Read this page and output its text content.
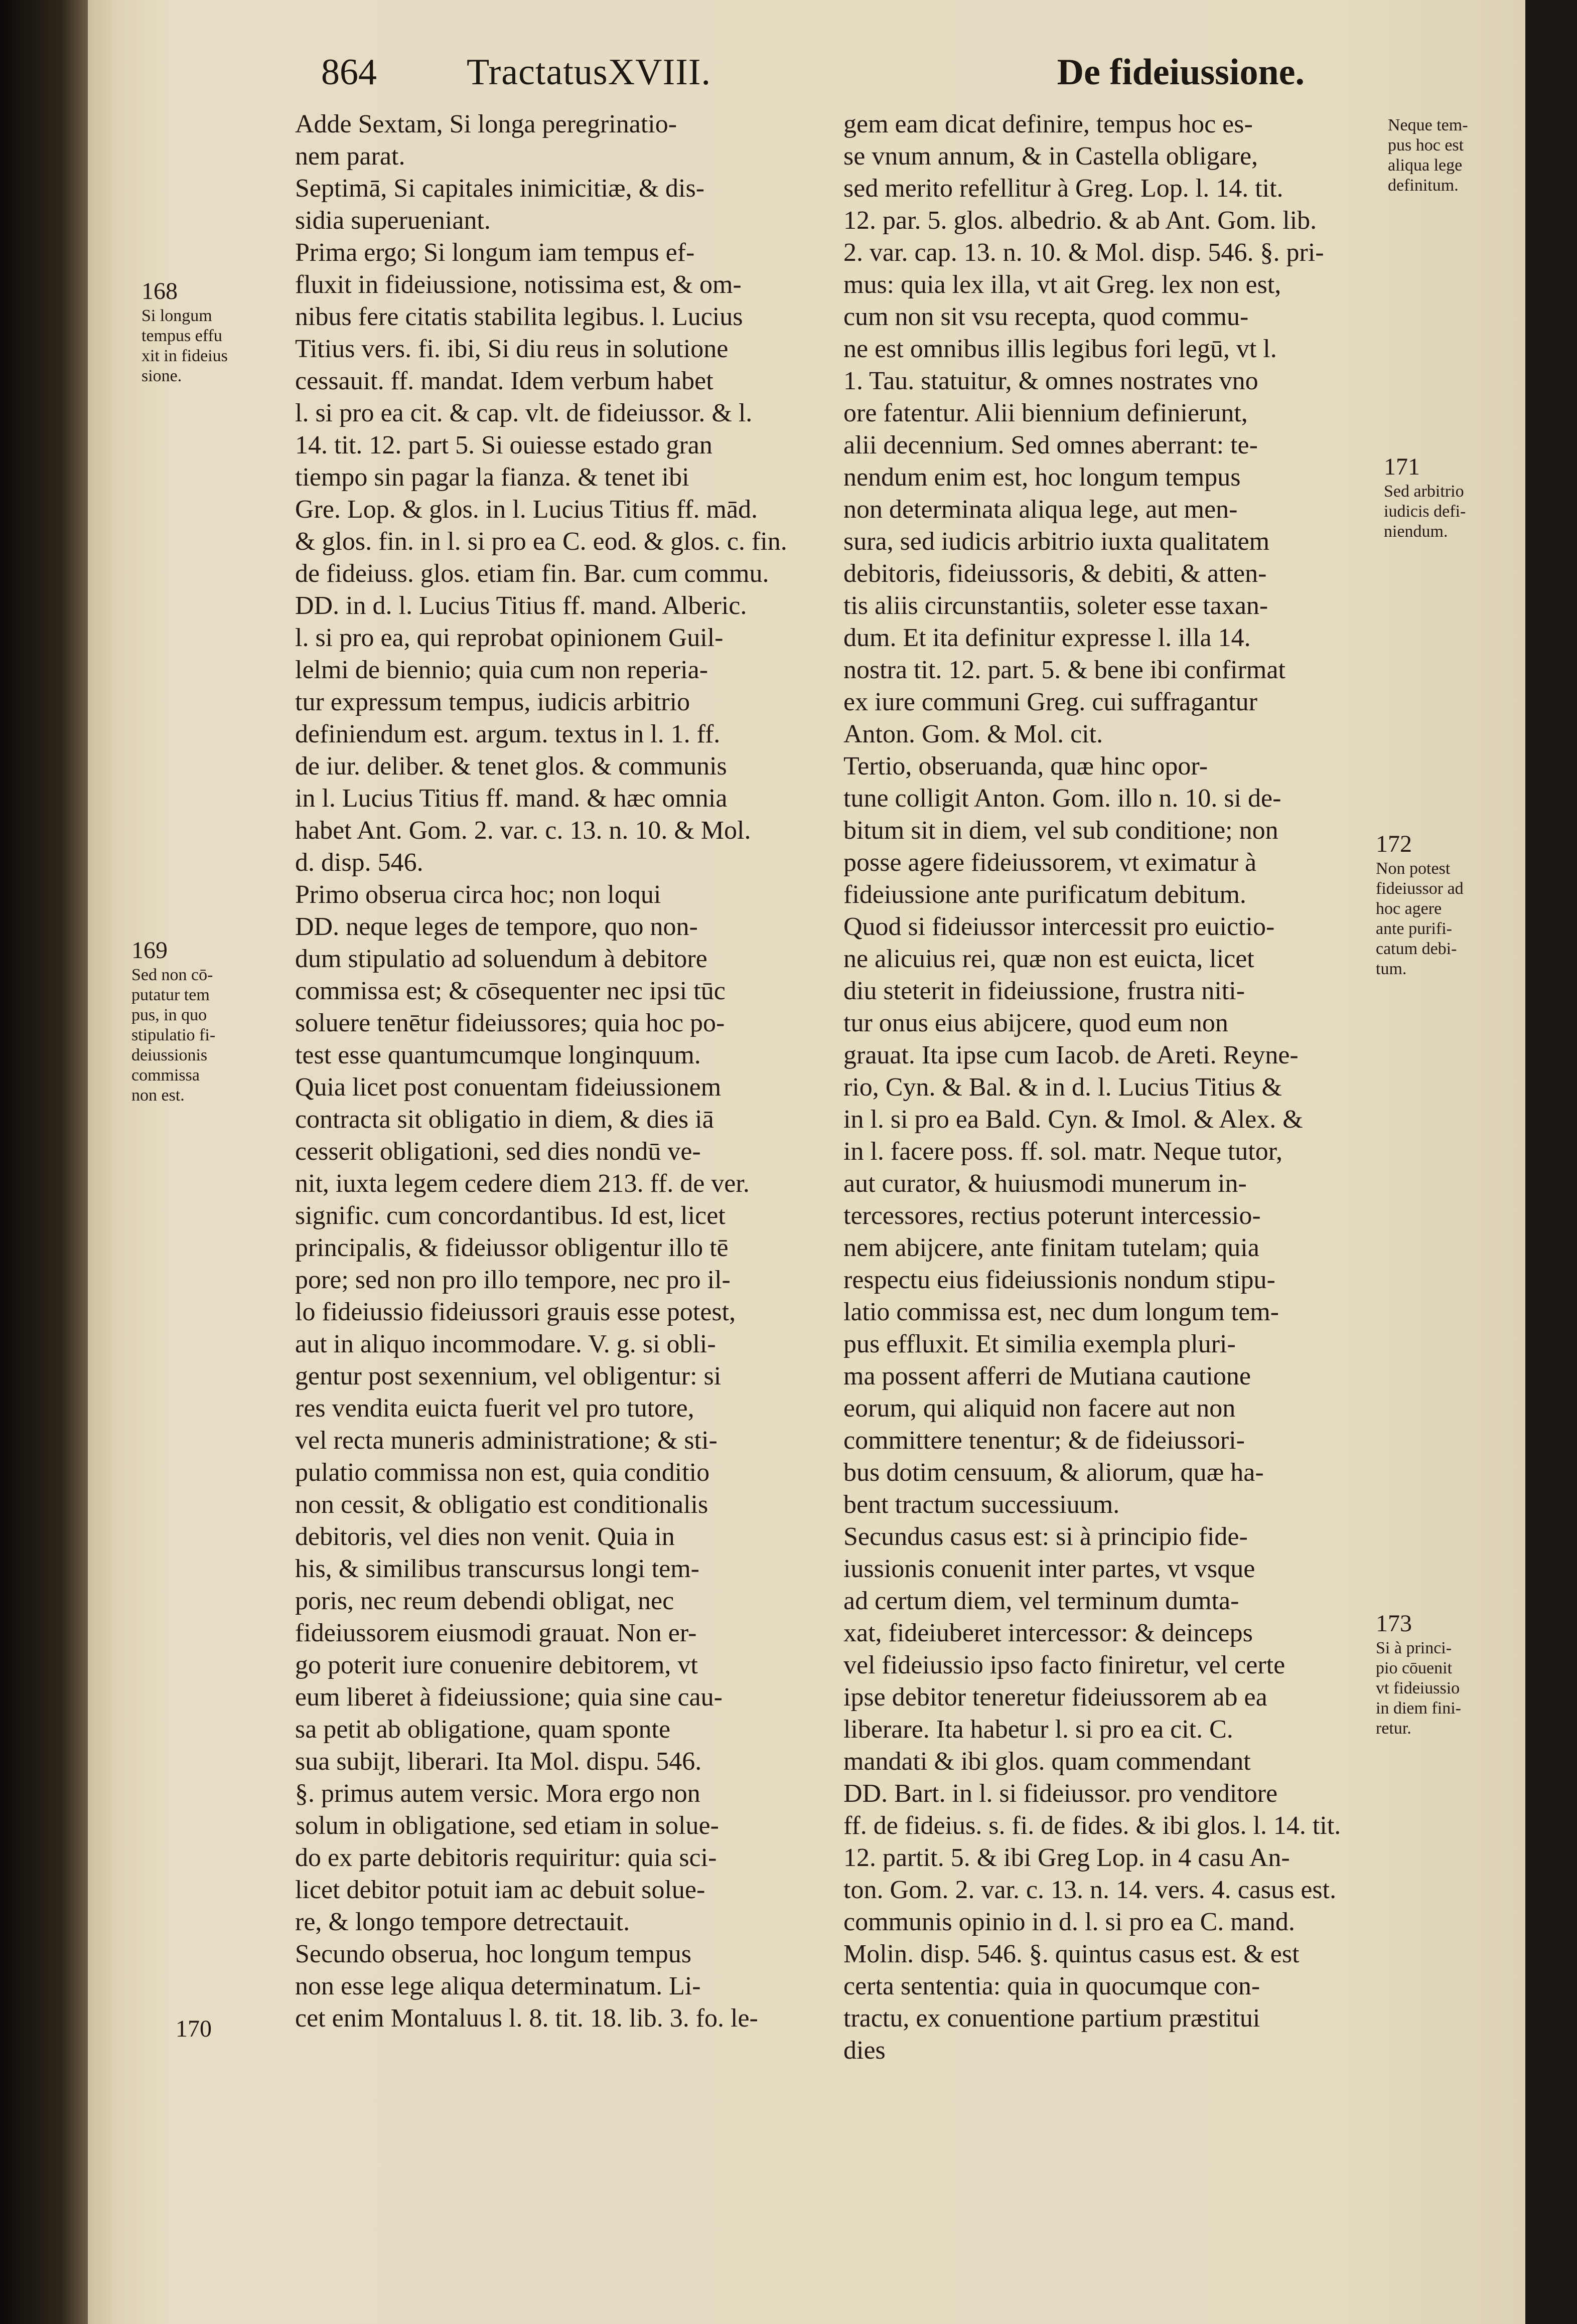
864 TractatusXVIII.	De fideiussione.
Adde Sextam, Si longa peregrinatio-
nem parat.
Septimā, Si capitales inimicitiæ, & dis-
sidia superueniant.
Prima ergo; Si longum iam tempus ef-
fluxit in fideiussione, notissima est, & om-
nibus fere citatis stabilita legibus. l. Lucius
Titius vers. fi. ibi, Si diu reus in solutione
cessauit. ff. mandat. Idem verbum habet
l. si pro ea cit. & cap. vlt. de fideiussor. & l.
14. tit. 12. part 5. Si ouiesse estado gran
tiempo sin pagar la fianza. & tenet ibi
Gre. Lop. & glos. in l. Lucius Titius ff. mād.
& glos. fin. in l. si pro ea C. eod. & glos. c. fin.
de fideiuss. glos. etiam fin. Bar. cum commu.
DD. in d. l. Lucius Titius ff. mand. Alberic.
l. si pro ea, qui reprobat opinionem Guil-
lelmi de biennio; quia cum non reperia-
tur expressum tempus, iudicis arbitrio
definiendum est. argum. textus in l. 1. ff.
de iur. deliber. & tenet glos. & communis
in l. Lucius Titius ff. mand. & hæc omnia
habet Ant. Gom. 2. var. c. 13. n. 10. & Mol.
d. disp. 546.
Primo obserua circa hoc; non loqui
DD. neque leges de tempore, quo non-
dum stipulatio ad soluendum à debitore
commissa est; & cōsequenter nec ipsi tūc
soluere tenētur fideiussores; quia hoc po-
test esse quantumcumque longinquum.
Quia licet post conuentam fideiussionem
contracta sit obligatio in diem, & dies iā
cesserit obligationi, sed dies nondū ve-
nit, iuxta legem cedere diem 213. ff. de ver.
signific. cum concordantibus. Id est, licet
principalis, & fideiussor obligentur illo tē
pore; sed non pro illo tempore, nec pro il-
lo fideiussio fideiussori grauis esse potest,
aut in aliquo incommodare. V. g. si obli-
gentur post sexennium, vel obligentur: si
res vendita euicta fuerit vel pro tutore,
vel recta muneris administratione; & sti-
pulatio commissa non est, quia conditio
non cessit, & obligatio est conditionalis
debitoris, vel dies non venit. Quia in
his, & similibus transcursus longi tem-
poris, nec reum debendi obligat, nec
fideiussorem eiusmodi grauat. Non er-
go poterit iure conuenire debitorem, vt
eum liberet à fideiussione; quia sine cau-
sa petit ab obligatione, quam sponte
sua subijt, liberari. Ita Mol. dispu. 546.
§. primus autem versic. Mora ergo non
solum in obligatione, sed etiam in solue-
do ex parte debitoris requiritur: quia sci-
licet debitor potuit iam ac debuit solue-
re, & longo tempore detrectauit.
Secundo obserua, hoc longum tempus
non esse lege aliqua determinatum. Li-
cet enim Montaluus l. 8. tit. 18. lib. 3. fo. le-
gem eam dicat definire, tempus hoc es-
se vnum annum, & in Castella obligare,
sed merito refellitur à Greg. Lop. l. 14. tit.
12. par. 5. glos. albedrio. & ab Ant. Gom. lib.
2. var. cap. 13. n. 10. & Mol. disp. 546. §. pri-
mus: quia lex illa, vt ait Greg. lex non est,
cum non sit vsu recepta, quod commu-
ne est omnibus illis legibus fori legū, vt l.
1. Tau. statuitur, & omnes nostrates vno
ore fatentur. Alii biennium definierunt,
alii decennium. Sed omnes aberrant: te-
nendum enim est, hoc longum tempus
non determinata aliqua lege, aut men-
sura, sed iudicis arbitrio iuxta qualitatem
debitoris, fideiussoris, & debiti, & atten-
tis aliis circunstantiis, soleter esse taxan-
dum. Et ita definitur expresse l. illa 14.
nostra tit. 12. part. 5. & bene ibi confirmat
ex iure communi Greg. cui suffragantur
Anton. Gom. & Mol. cit.
Tertio, obseruanda, quæ hinc opor-
tune colligit Anton. Gom. illo n. 10. si de-
bitum sit in diem, vel sub conditione; non
posse agere fideiussorem, vt eximatur à
fideiussione ante purificatum debitum.
Quod si fideiussor intercessit pro euictio-
ne alicuius rei, quæ non est euicta, licet
diu steterit in fideiussione, frustra niti-
tur onus eius abijcere, quod eum non
grauat. Ita ipse cum Iacob. de Areti. Reyne-
rio, Cyn. & Bal. & in d. l. Lucius Titius &
in l. si pro ea Bald. Cyn. & Imol. & Alex. &
in l. facere poss. ff. sol. matr. Neque tutor,
aut curator, & huiusmodi munerum in-
tercessores, rectius poterunt intercessio-
nem abijcere, ante finitam tutelam; quia
respectu eius fideiussionis nondum stipu-
latio commissa est, nec dum longum tem-
pus effluxit. Et similia exempla pluri-
ma possent afferri de Mutiana cautione
eorum, qui aliquid non facere aut non
committere tenentur; & de fideiussori-
bus dotim censuum, & aliorum, quæ ha-
bent tractum successiuum.
Secundus casus est: si à principio fide-
iussionis conuenit inter partes, vt vsque
ad certum diem, vel terminum dumta-
xat, fideiuberet intercessor: & deinceps
vel fideiussio ipso facto finiretur, vel certe
ipse debitor teneretur fideiussorem ab ea
liberare. Ita habetur l. si pro ea cit. C.
mandati & ibi glos. quam commendant
DD. Bart. in l. si fideiussor. pro venditore
ff. de fideius. s. fi. de fides. & ibi glos. l. 14. tit.
12. partit. 5. & ibi Greg Lop. in 4 casu An-
ton. Gom. 2. var. c. 13. n. 14. vers. 4. casus est.
communis opinio in d. l. si pro ea C. mand.
Molin. disp. 546. §. quintus casus est. & est
certa sententia: quia in quocumque con-
tractu, ex conuentione partium præstitui
dies
Neque tem-
pus hoc est
aliqua lege
definitum.
168
Si longum
tempus effu
xit in fideius
sione.
169
Sed non cō-
putatur tem
pus, in quo
stipulatio fi-
deiussionis
commissa
non est.
170
171
Sed arbitrio
iudicis defi-
niendum.
172
Non potest
fideiussor ad
hoc agere
ante purifi-
catum debi-
tum.
173
Si à princi-
pio cōuenit
vt fideiussio
in diem fini-
retur.
